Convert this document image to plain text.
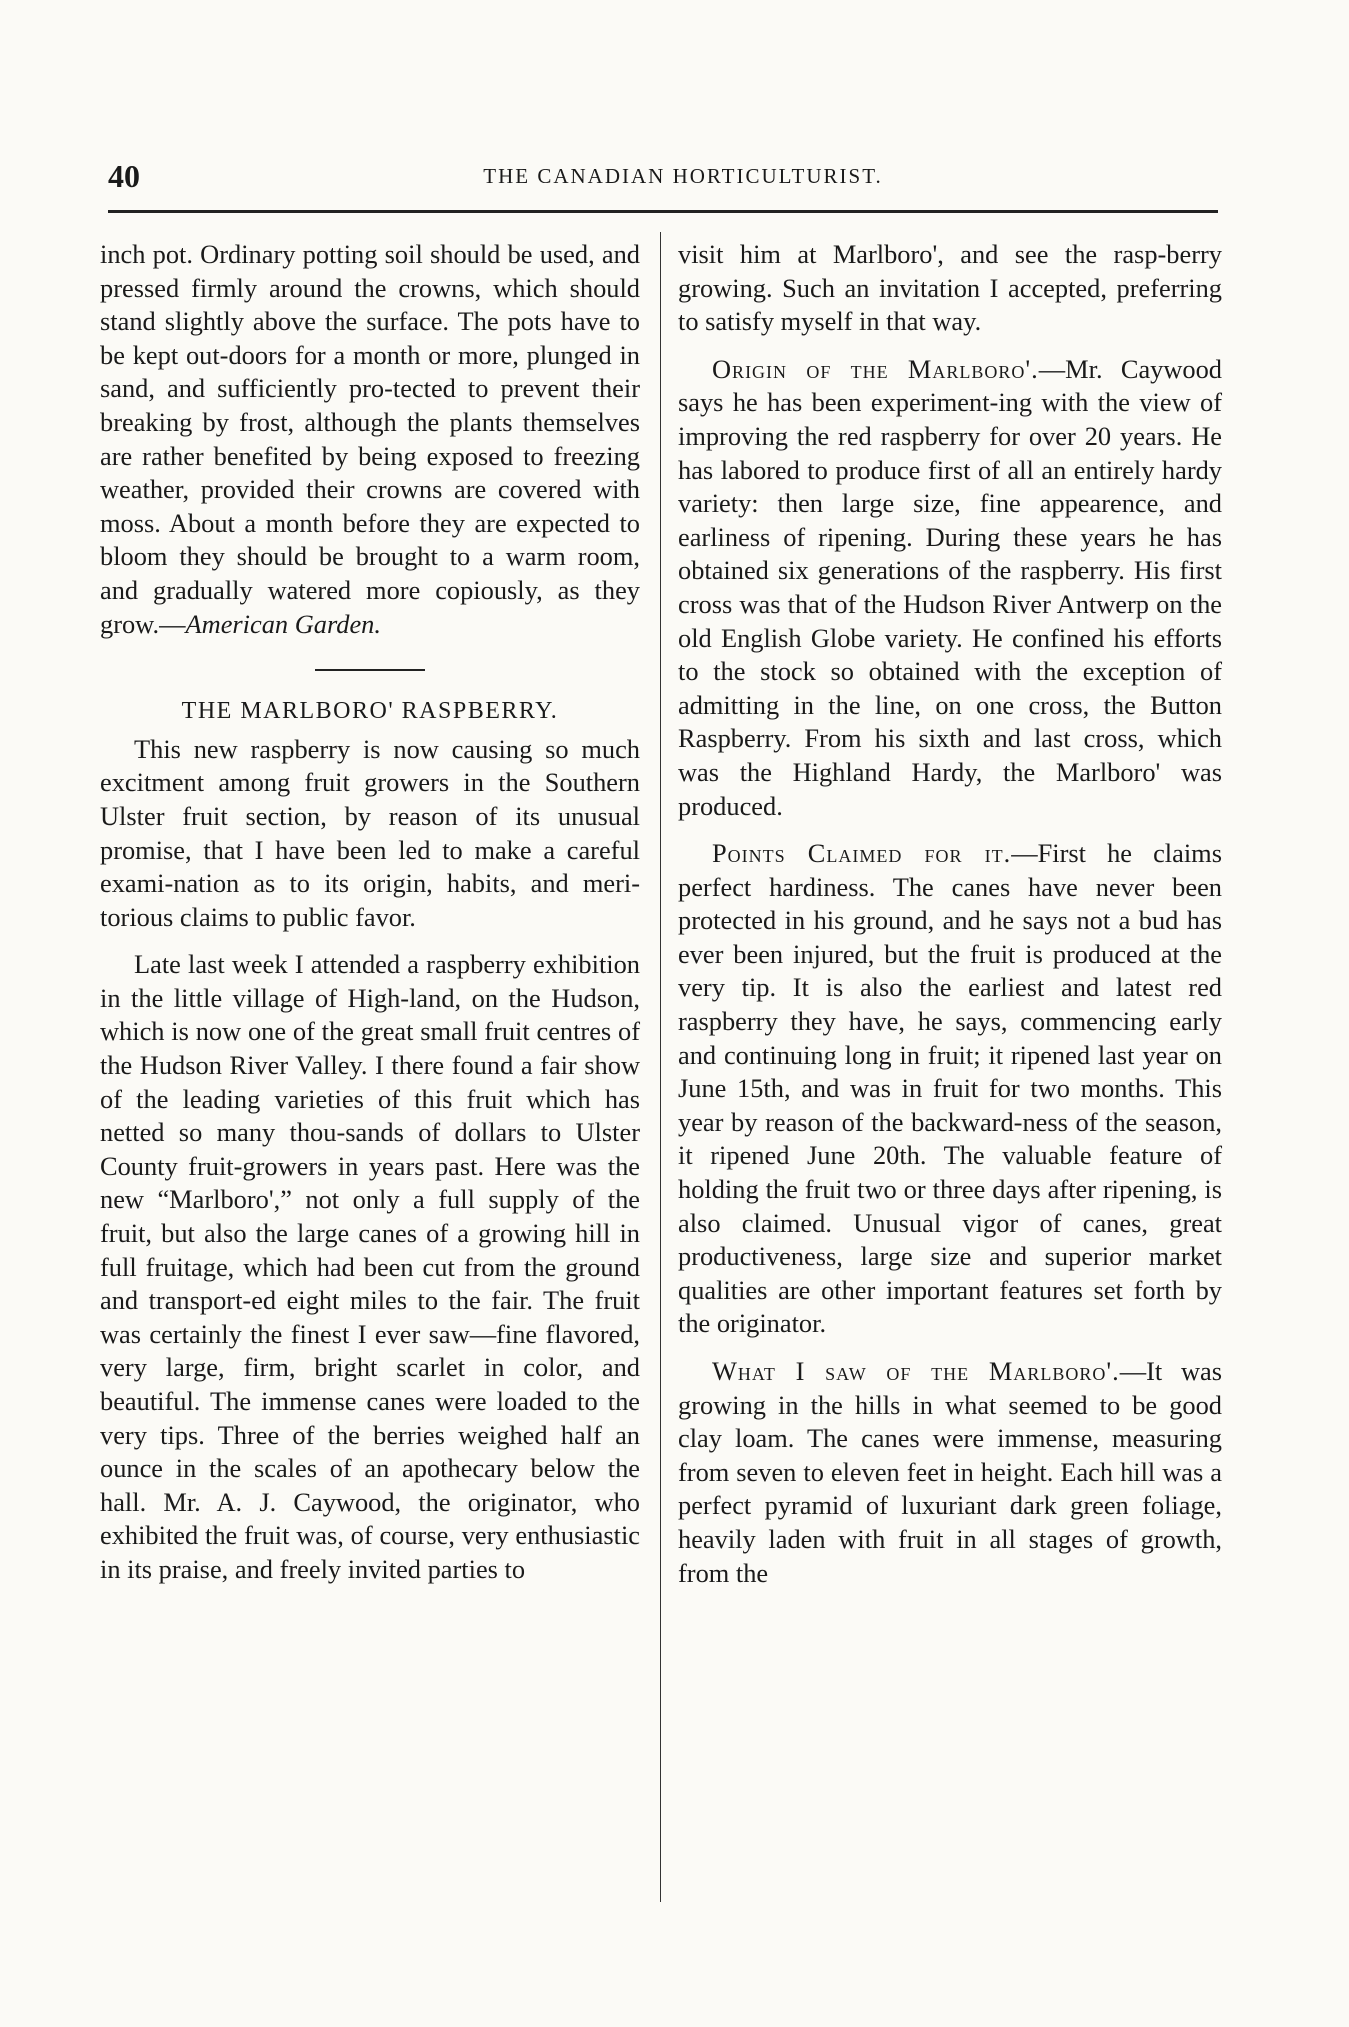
40	THE CANADIAN HORTICULTURIST.

inch pot. Ordinary potting soil should be used, and pressed firmly around the crowns, which should stand slightly above the surface. The pots have to be kept out-doors for a month or more, plunged in sand, and sufficiently pro-tected to prevent their breaking by frost, although the plants themselves are rather benefited by being exposed to freezing weather, provided their crowns are covered with moss. About a month before they are expected to bloom they should be brought to a warm room, and gradually watered more copiously, as they grow.—American Garden.

THE MARLBORO' RASPBERRY.

This new raspberry is now causing so much excitment among fruit growers in the Southern Ulster fruit section, by reason of its unusual promise, that I have been led to make a careful exami-nation as to its origin, habits, and meri-torious claims to public favor.

Late last week I attended a raspberry exhibition in the little village of High-land, on the Hudson, which is now one of the great small fruit centres of the Hudson River Valley. I there found a fair show of the leading varieties of this fruit which has netted so many thou-sands of dollars to Ulster County fruit-growers in years past. Here was the new “Marlboro',” not only a full supply of the fruit, but also the large canes of a growing hill in full fruitage, which had been cut from the ground and transport-ed eight miles to the fair. The fruit was certainly the finest I ever saw—fine flavored, very large, firm, bright scarlet in color, and beautiful. The immense canes were loaded to the very tips. Three of the berries weighed half an ounce in the scales of an apothecary below the hall. Mr. A. J. Caywood, the originator, who exhibited the fruit was, of course, very enthusiastic in its praise, and freely invited parties to

visit him at Marlboro', and see the rasp-berry growing. Such an invitation I accepted, preferring to satisfy myself in that way.

Origin of the Marlboro'.—Mr. Caywood says he has been experiment-ing with the view of improving the red raspberry for over 20 years. He has labored to produce first of all an entirely hardy variety: then large size, fine appearence, and earliness of ripening. During these years he has obtained six generations of the raspberry. His first cross was that of the Hudson River Antwerp on the old English Globe variety. He confined his efforts to the stock so obtained with the exception of admitting in the line, on one cross, the Button Raspberry. From his sixth and last cross, which was the Highland Hardy, the Marlboro' was produced.

Points Claimed for it.—First he claims perfect hardiness. The canes have never been protected in his ground, and he says not a bud has ever been injured, but the fruit is produced at the very tip. It is also the earliest and latest red raspberry they have, he says, commencing early and continuing long in fruit; it ripened last year on June 15th, and was in fruit for two months. This year by reason of the backward-ness of the season, it ripened June 20th. The valuable feature of holding the fruit two or three days after ripening, is also claimed. Unusual vigor of canes, great productiveness, large size and superior market qualities are other important features set forth by the originator.

What I saw of the Marlboro'.—It was growing in the hills in what seemed to be good clay loam. The canes were immense, measuring from seven to eleven feet in height. Each hill was a perfect pyramid of luxuriant dark green foliage, heavily laden with fruit in all stages of growth, from the
